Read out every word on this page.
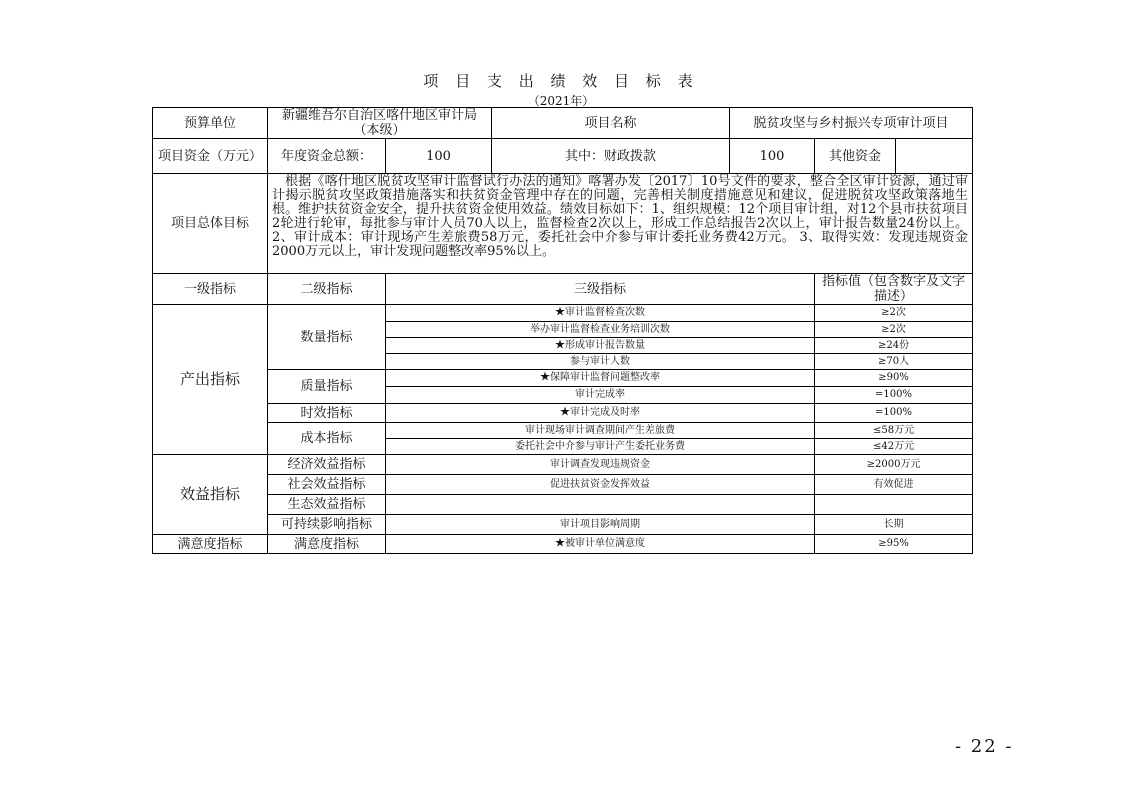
项 目 支 出 绩 效 目 标 表
（2021年）
预算单位	新疆维吾尔自治区喀什地区审计局（本级）		项目名称	脱贫攻坚与乡村振兴专项审计项目	
项目资金（万元）	年度资金总额：	100	其中：财政拨款	100	其他资金

项目总体目标	根据《喀什地区脱贫攻坚审计监督试行办法的通知》喀署办发〔2017〕10号文件的要求，整合全区审计资源，通过审计揭示脱贫攻坚政策措施落实和扶贫资金管理中存在的问题，完善相关制度措施意见和建议，促进脱贫攻坚政策落地生根。维护扶贫资金安全，提升扶贫资金使用效益。绩效目标如下：1、组织规模：12个项目审计组，对12个县市扶贫项目2轮进行轮审，每批参与审计人员70人以上，监督检查2次以上，形成工作总结报告2次以上，审计报告数量24份以上。 2、审计成本：审计现场产生差旅费58万元，委托社会中介参与审计委托业务费42万元。 3、取得实效：发现违规资金2000万元以上，审计发现问题整改率95%以上。				
一级指标	二级指标	三级指标			指标值（包含数字及文字描述）
产出指标	数量指标	★审计监督检查次数			≥2次
		举办审计监督检查业务培训次数			≥2次
		★形成审计报告数量			≥24份
		参与审计人数			≥70人
	质量指标	★保障审计监督问题整改率			≥90%
		审计完成率			=100%
	时效指标	★审计完成及时率			=100%
	成本指标	审计现场审计调查期间产生差旅费			≤58万元
		委托社会中介参与审计产生委托业务费			≤42万元
效益指标	经济效益指标	审计调查发现违规资金			≥2000万元
	社会效益指标	促进扶贫资金发挥效益			有效促进
	生态效益指标				
	可持续影响指标	审计项目影响周期			长期
满意度指标	满意度指标	★被审计单位满意度			≥95%
- 22 -
